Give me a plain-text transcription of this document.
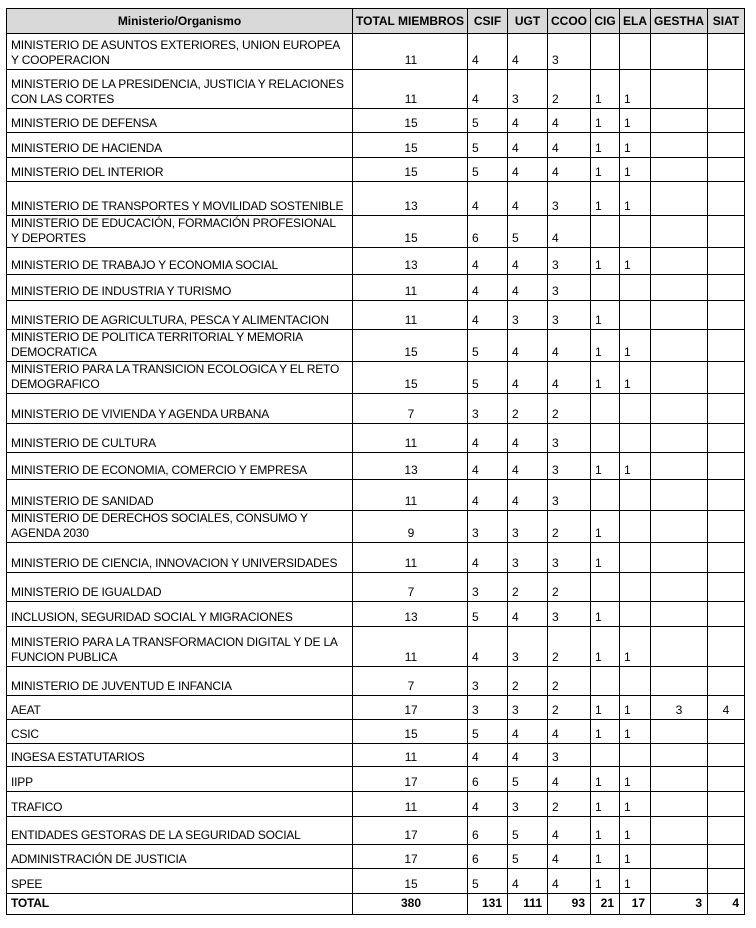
Ministerio/Organismo	TOTAL MIEMBROS	CSIF	UGT	CCOO	CIG	ELA	GESTHA	SIAT
MINISTERIO DE ASUNTOS EXTERIORES, UNION EUROPEA Y COOPERACION	11	4	4	3				
MINISTERIO DE LA PRESIDENCIA, JUSTICIA Y RELACIONES CON LAS CORTES	11	4	3	2	1	1		
MINISTERIO DE DEFENSA	15	5	4	4	1	1		
MINISTERIO DE HACIENDA	15	5	4	4	1	1		
MINISTERIO DEL INTERIOR	15	5	4	4	1	1		
MINISTERIO DE TRANSPORTES Y MOVILIDAD SOSTENIBLE	13	4	4	3	1	1		
MINISTERIO DE EDUCACIÓN, FORMACIÓN PROFESIONAL Y DEPORTES	15	6	5	4				
MINISTERIO DE TRABAJO Y ECONOMIA SOCIAL	13	4	4	3	1	1		
MINISTERIO DE INDUSTRIA Y TURISMO	11	4	4	3				
MINISTERIO DE AGRICULTURA, PESCA Y ALIMENTACION	11	4	3	3	1			
MINISTERIO DE POLITICA TERRITORIAL Y MEMORIA DEMOCRATICA	15	5	4	4	1	1		
MINISTERIO PARA LA TRANSICION ECOLOGICA Y EL RETO DEMOGRAFICO	15	5	4	4	1	1		
MINISTERIO DE VIVIENDA Y AGENDA URBANA	7	3	2	2				
MINISTERIO DE CULTURA	11	4	4	3				
MINISTERIO DE ECONOMIA, COMERCIO Y EMPRESA	13	4	4	3	1	1		
MINISTERIO DE SANIDAD	11	4	4	3				
MINISTERIO DE DERECHOS SOCIALES, CONSUMO Y AGENDA 2030	9	3	3	2	1			
MINISTERIO DE CIENCIA, INNOVACION Y UNIVERSIDADES	11	4	3	3	1			
MINISTERIO DE IGUALDAD	7	3	2	2				
INCLUSION, SEGURIDAD SOCIAL Y MIGRACIONES	13	5	4	3	1			
MINISTERIO PARA LA TRANSFORMACION DIGITAL Y DE LA FUNCION PUBLICA	11	4	3	2	1	1		
MINISTERIO DE JUVENTUD E INFANCIA	7	3	2	2				
AEAT	17	3	3	2	1	1	3	4
CSIC	15	5	4	4	1	1		
INGESA ESTATUTARIOS	11	4	4	3				
IIPP	17	6	5	4	1	1		
TRAFICO	11	4	3	2	1	1		
ENTIDADES GESTORAS DE LA SEGURIDAD SOCIAL	17	6	5	4	1	1		
ADMINISTRACIÓN DE JUSTICIA	17	6	5	4	1	1		
SPEE	15	5	4	4	1	1		
TOTAL	380	131	111	93	21	17	3	4
